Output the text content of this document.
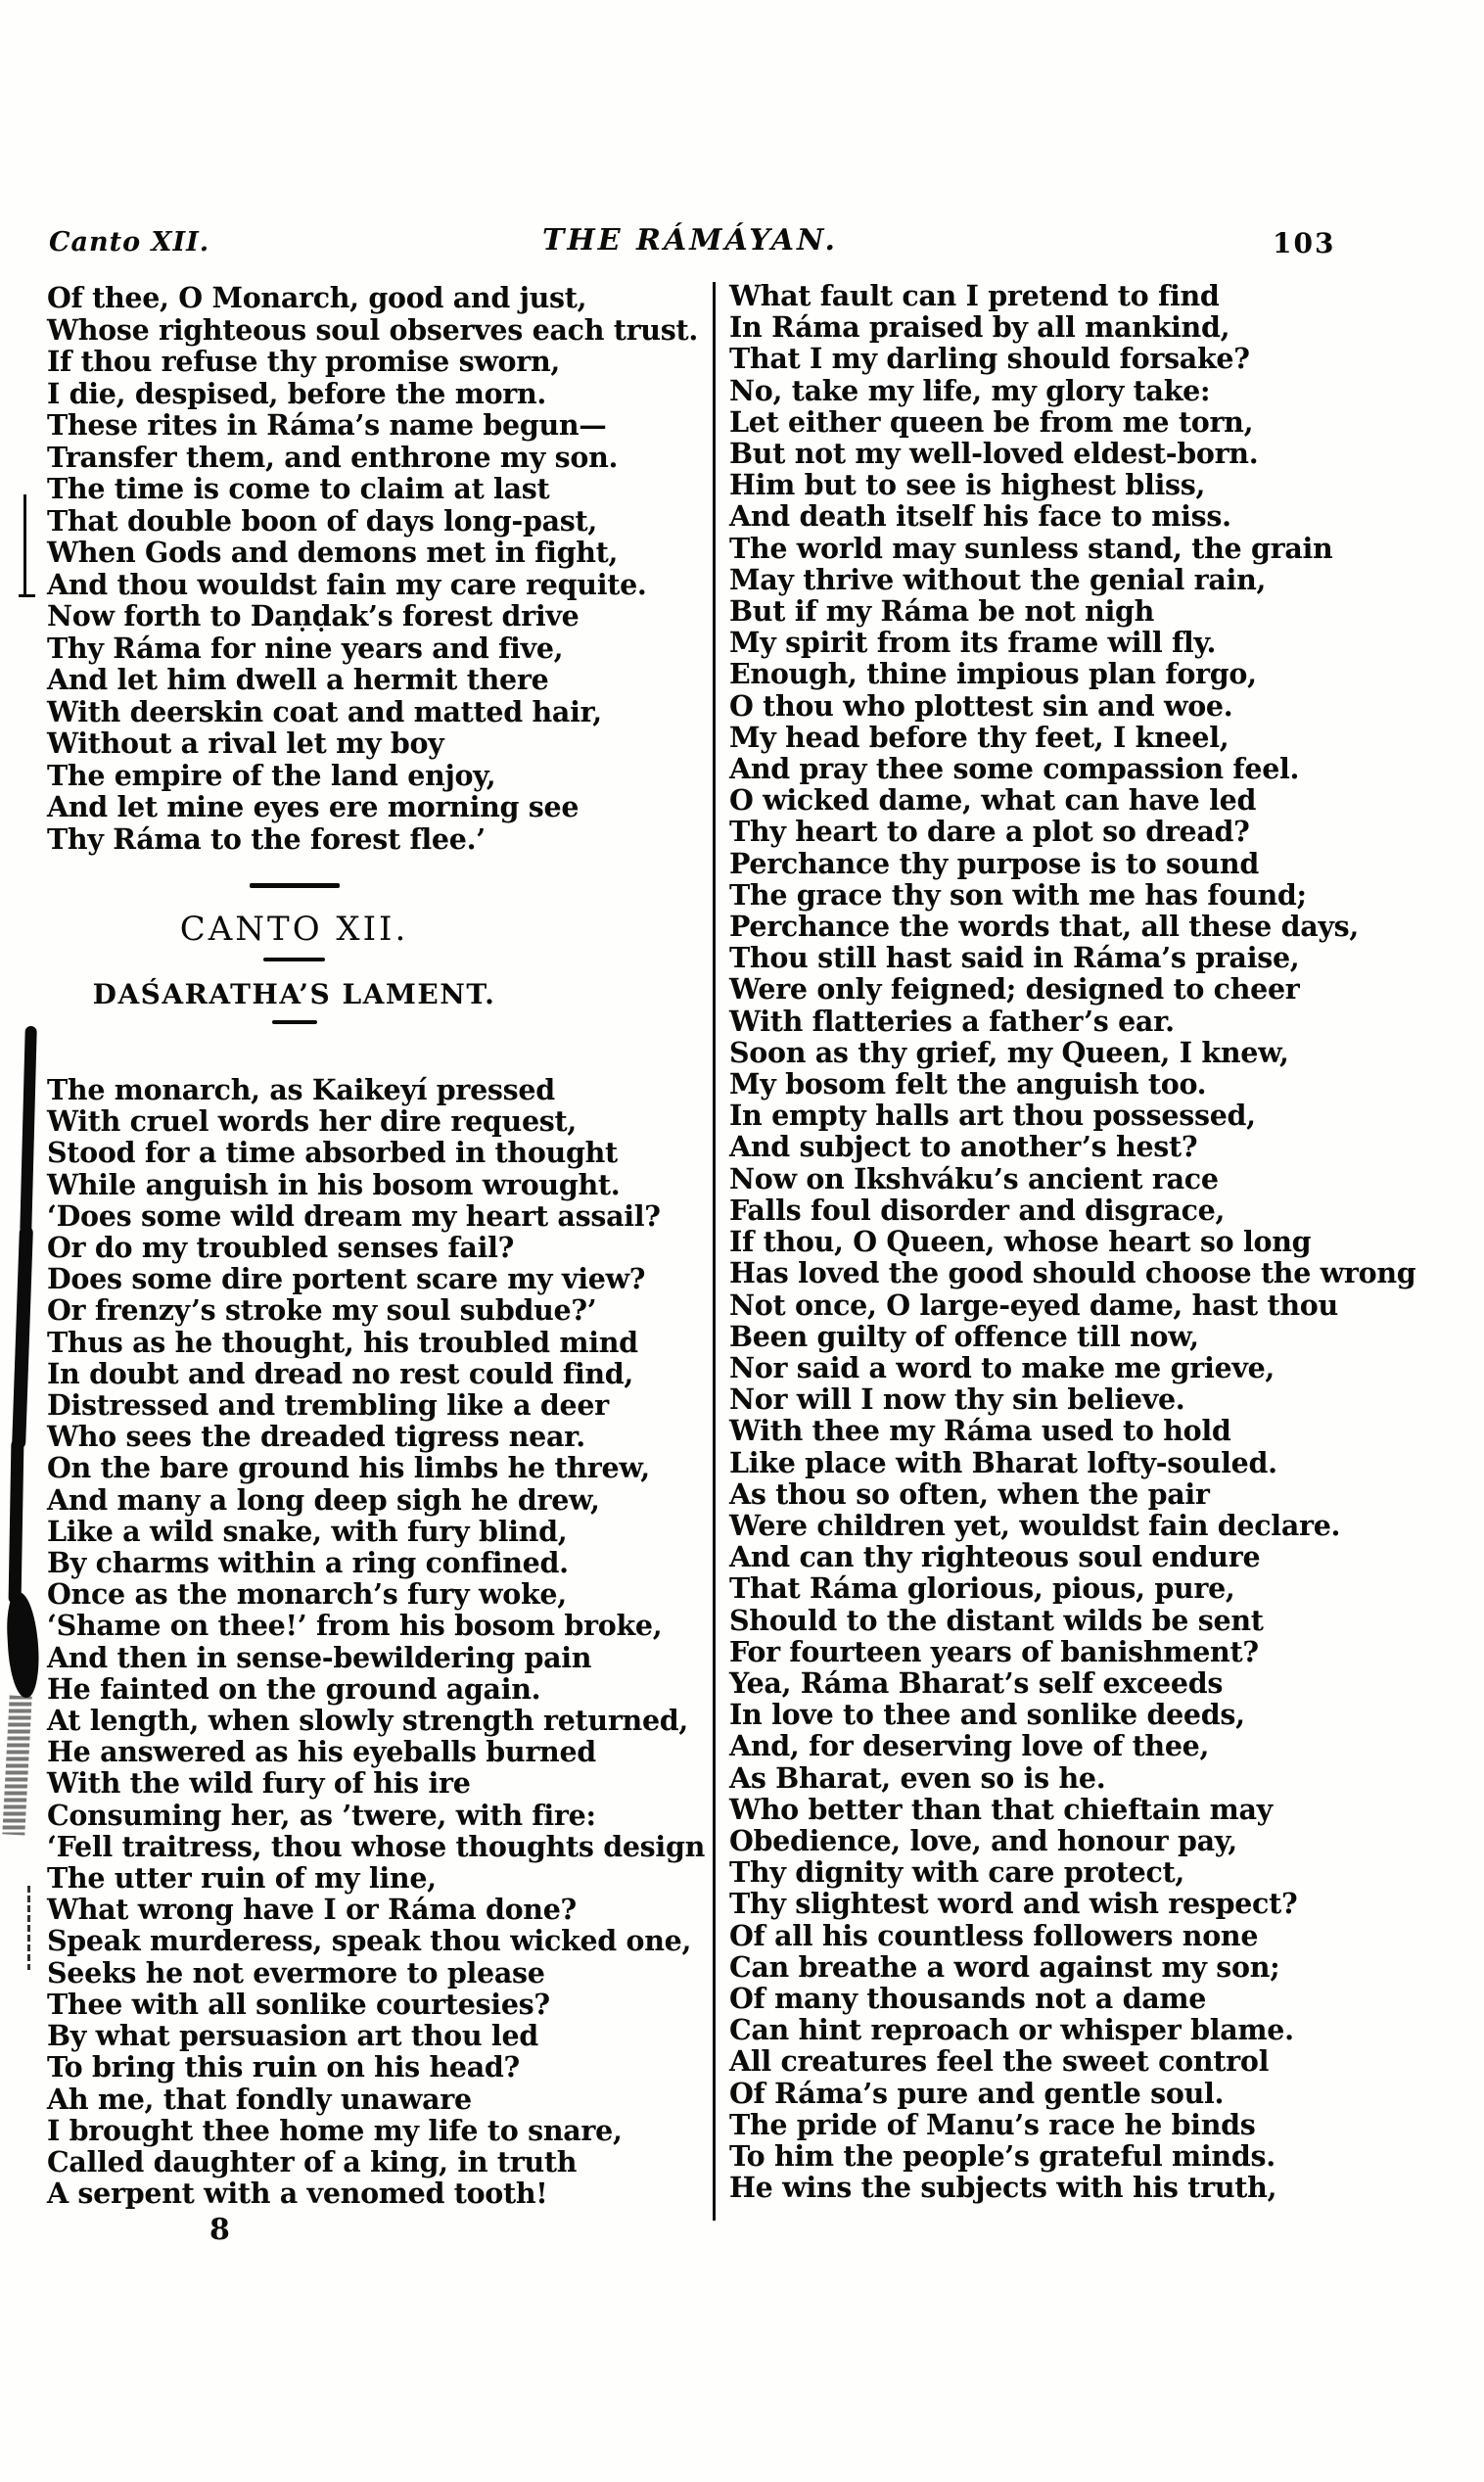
Canto XII.	THE RÁMÁYAN.	103
Of thee, O Monarch, good and just,
Whose righteous soul observes each trust.
If thou refuse thy promise sworn,
I die, despised, before the morn.
These rites in Ráma’s name begun—
Transfer them, and enthrone my son.
The time is come to claim at last
That double boon of days long-past,
When Gods and demons met in fight,
And thou wouldst fain my care requite.
Now forth to Daṇḍak’s forest drive
Thy Ráma for nine years and five,
And let him dwell a hermit there
With deerskin coat and matted hair,
Without a rival let my boy
The empire of the land enjoy,
And let mine eyes ere morning see
Thy Ráma to the forest flee.’
CANTO XII.
DAŚARATHA’S LAMENT.
The monarch, as Kaikeyí pressed
With cruel words her dire request,
Stood for a time absorbed in thought
While anguish in his bosom wrought.
‘Does some wild dream my heart assail?
Or do my troubled senses fail?
Does some dire portent scare my view?
Or frenzy’s stroke my soul subdue?’
Thus as he thought, his troubled mind
In doubt and dread no rest could find,
Distressed and trembling like a deer
Who sees the dreaded tigress near.
On the bare ground his limbs he threw,
And many a long deep sigh he drew,
Like a wild snake, with fury blind,
By charms within a ring confined.
Once as the monarch’s fury woke,
‘Shame on thee!’ from his bosom broke,
And then in sense-bewildering pain
He fainted on the ground again.
At length, when slowly strength returned,
He answered as his eyeballs burned
With the wild fury of his ire
Consuming her, as ’twere, with fire:
‘Fell traitress, thou whose thoughts design
The utter ruin of my line,
What wrong have I or Ráma done?
Speak murderess, speak thou wicked one,
Seeks he not evermore to please
Thee with all sonlike courtesies?
By what persuasion art thou led
To bring this ruin on his head?
Ah me, that fondly unaware
I brought thee home my life to snare,
Called daughter of a king, in truth
A serpent with a venomed tooth!
8
What fault can I pretend to find
In Ráma praised by all mankind,
That I my darling should forsake?
No, take my life, my glory take:
Let either queen be from me torn,
But not my well-loved eldest-born.
Him but to see is highest bliss,
And death itself his face to miss.
The world may sunless stand, the grain
May thrive without the genial rain,
But if my Ráma be not nigh
My spirit from its frame will fly.
Enough, thine impious plan forgo,
O thou who plottest sin and woe.
My head before thy feet, I kneel,
And pray thee some compassion feel.
O wicked dame, what can have led
Thy heart to dare a plot so dread?
Perchance thy purpose is to sound
The grace thy son with me has found;
Perchance the words that, all these days,
Thou still hast said in Ráma’s praise,
Were only feigned; designed to cheer
With flatteries a father’s ear.
Soon as thy grief, my Queen, I knew,
My bosom felt the anguish too.
In empty halls art thou possessed,
And subject to another’s hest?
Now on Ikshváku’s ancient race
Falls foul disorder and disgrace,
If thou, O Queen, whose heart so long
Has loved the good should choose the wrong
Not once, O large-eyed dame, hast thou
Been guilty of offence till now,
Nor said a word to make me grieve,
Nor will I now thy sin believe.
With thee my Ráma used to hold
Like place with Bharat lofty-souled.
As thou so often, when the pair
Were children yet, wouldst fain declare.
And can thy righteous soul endure
That Ráma glorious, pious, pure,
Should to the distant wilds be sent
For fourteen years of banishment?
Yea, Ráma Bharat’s self exceeds
In love to thee and sonlike deeds,
And, for deserving love of thee,
As Bharat, even so is he.
Who better than that chieftain may
Obedience, love, and honour pay,
Thy dignity with care protect,
Thy slightest word and wish respect?
Of all his countless followers none
Can breathe a word against my son;
Of many thousands not a dame
Can hint reproach or whisper blame.
All creatures feel the sweet control
Of Ráma’s pure and gentle soul.
The pride of Manu’s race he binds
To him the people’s grateful minds.
He wins the subjects with his truth,
